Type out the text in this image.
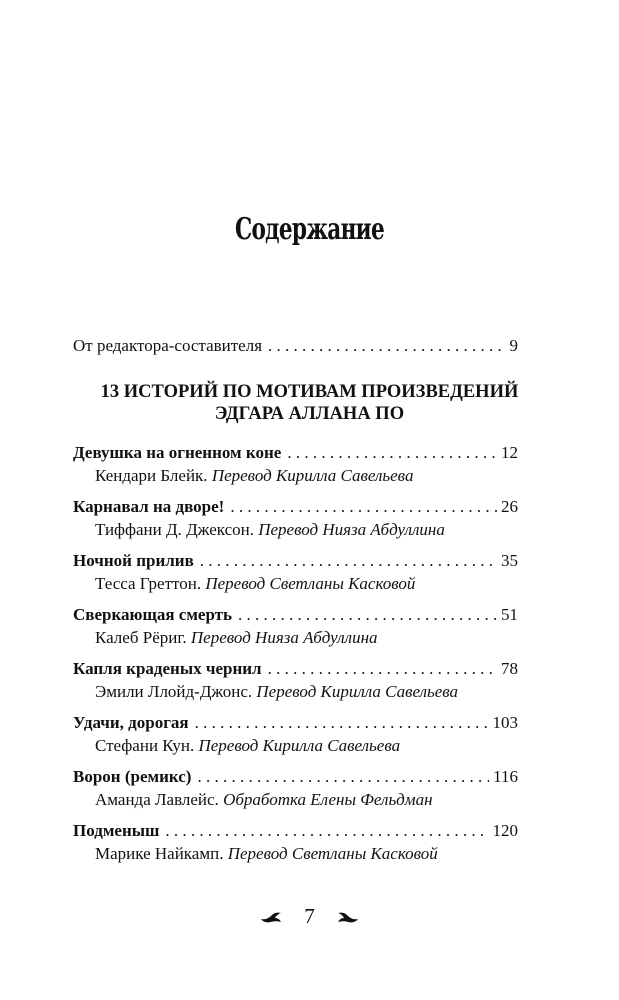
Содержание
От редактора-составителя . . .	9
13 ИСТОРИЙ ПО МОТИВАМ ПРОИЗВЕДЕНИЙ
ЭДГАРА АЛЛАНА ПО
Девушка на огненном коне . . .	12
Кендари Блейк. Перевод Кирилла Савельева
Карнавал на дворе! . . .	26
Тиффани Д. Джексон. Перевод Нияза Абдуллина
Ночной прилив . . .	35
Тесса Греттон. Перевод Светланы Касковой
Сверкающая смерть . . .	51
Калеб Рёриг. Перевод Нияза Абдуллина
Капля краденых чернил . . .	78
Эмили Ллойд-Джонс. Перевод Кирилла Савельева
Удачи, дорогая . . .	103
Стефани Кун. Перевод Кирилла Савельева
Ворон (ремикс) . . .	116
Аманда Лавлейс. Обработка Елены Фельдман
Подменыш . . .	120
Марике Найкамп. Перевод Светланы Касковой
7
